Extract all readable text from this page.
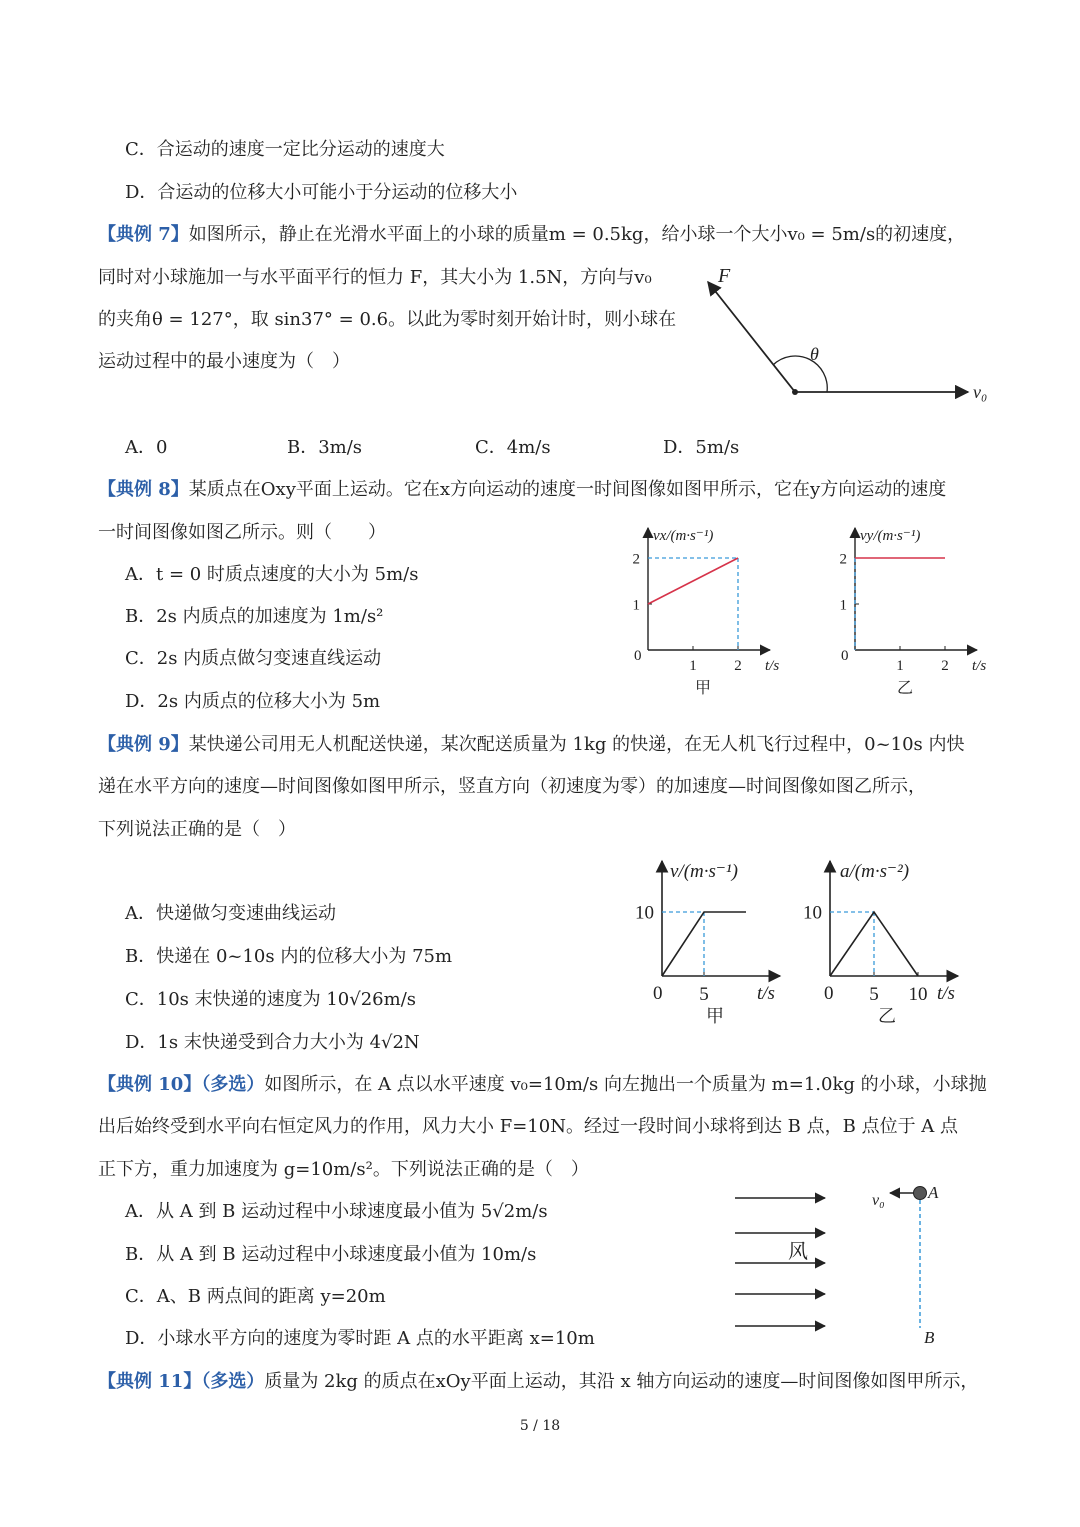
C．合运动的速度一定比分运动的速度大
D．合运动的位移大小可能小于分运动的位移大小
【典例 7】如图所示，静止在光滑水平面上的小球的质量m = 0.5kg，给小球一个大小v₀ = 5m/s的初速度，
同时对小球施加一与水平面平行的恒力 F，其大小为 1.5N，方向与v₀
的夹角θ = 127°，取 sin37° = 0.6。以此为零时刻开始计时，则小球在
运动过程中的最小速度为（　）
F
θ
v₀
A．0	B．3m/s	C．4m/s	D．5m/s
【典例 8】某质点在Oxy平面上运动。它在x方向运动的速度一时间图像如图甲所示，它在y方向运动的速度
一时间图像如图乙所示。则（　　）
A．t = 0 时质点速度的大小为 5m/s
B．2s 内质点的加速度为 1m/s²
C．2s 内质点做匀变速直线运动
D．2s 内质点的位移大小为 5m
vx/(m·s⁻¹)
t/s
0
1
2
1	2
甲
vy/(m·s⁻¹)
t/s
0
1
2
1	2
乙
【典例 9】某快递公司用无人机配送快递，某次配送质量为 1kg 的快递，在无人机飞行过程中，0~10s 内快
递在水平方向的速度—时间图像如图甲所示，竖直方向（初速度为零）的加速度—时间图像如图乙所示，
下列说法正确的是（　）
A．快递做匀变速曲线运动
B．快递在 0~10s 内的位移大小为 75m
C．10s 末快递的速度为 10√26m/s
D．1s 末快递受到合力大小为 4√2N
v/(m·s⁻¹)
t/s
0
10
5
甲
a/(m·s⁻²)
t/s
0
10
5 10
乙
【典例 10】（多选）如图所示，在 A 点以水平速度 v₀=10m/s 向左抛出一个质量为 m=1.0kg 的小球，小球抛
出后始终受到水平向右恒定风力的作用，风力大小 F=10N。经过一段时间小球将到达 B 点，B 点位于 A 点
正下方，重力加速度为 g=10m/s²。下列说法正确的是（　）
A．从 A 到 B 运动过程中小球速度最小值为 5√2m/s
B．从 A 到 B 运动过程中小球速度最小值为 10m/s
C．A、B 两点间的距离 y=20m
D．小球水平方向的速度为零时距 A 点的水平距离 x=10m
风
v₀	A
B
【典例 11】（多选）质量为 2kg 的质点在xOy平面上运动，其沿 x 轴方向运动的速度—时间图像如图甲所示，
5 / 18
